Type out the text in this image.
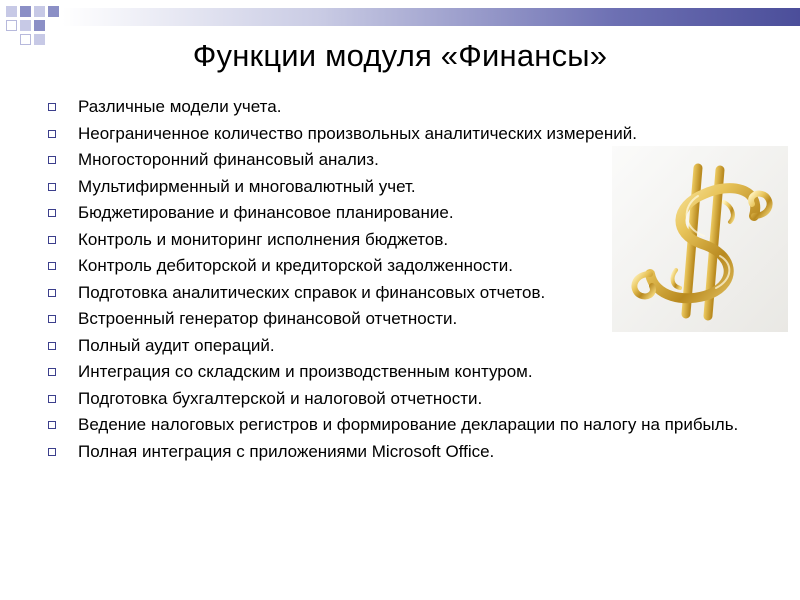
Функции модуля «Финансы»
Различные модели учета.
Неограниченное количество произвольных аналитических измерений.
Многосторонний финансовый анализ.
Мультифирменный и многовалютный учет.
Бюджетирование и финансовое планирование.
Контроль и мониторинг исполнения бюджетов.
Контроль дебиторской и кредиторской задолженности.
Подготовка аналитических справок и финансовых отчетов.
Встроенный генератор финансовой отчетности.
Полный аудит операций.
Интеграция со складским и производственным контуром.
Подготовка бухгалтерской и налоговой отчетности.
Ведение налоговых регистров и формирование декларации по налогу на прибыль.
Полная интеграция с приложениями Microsoft Office.
